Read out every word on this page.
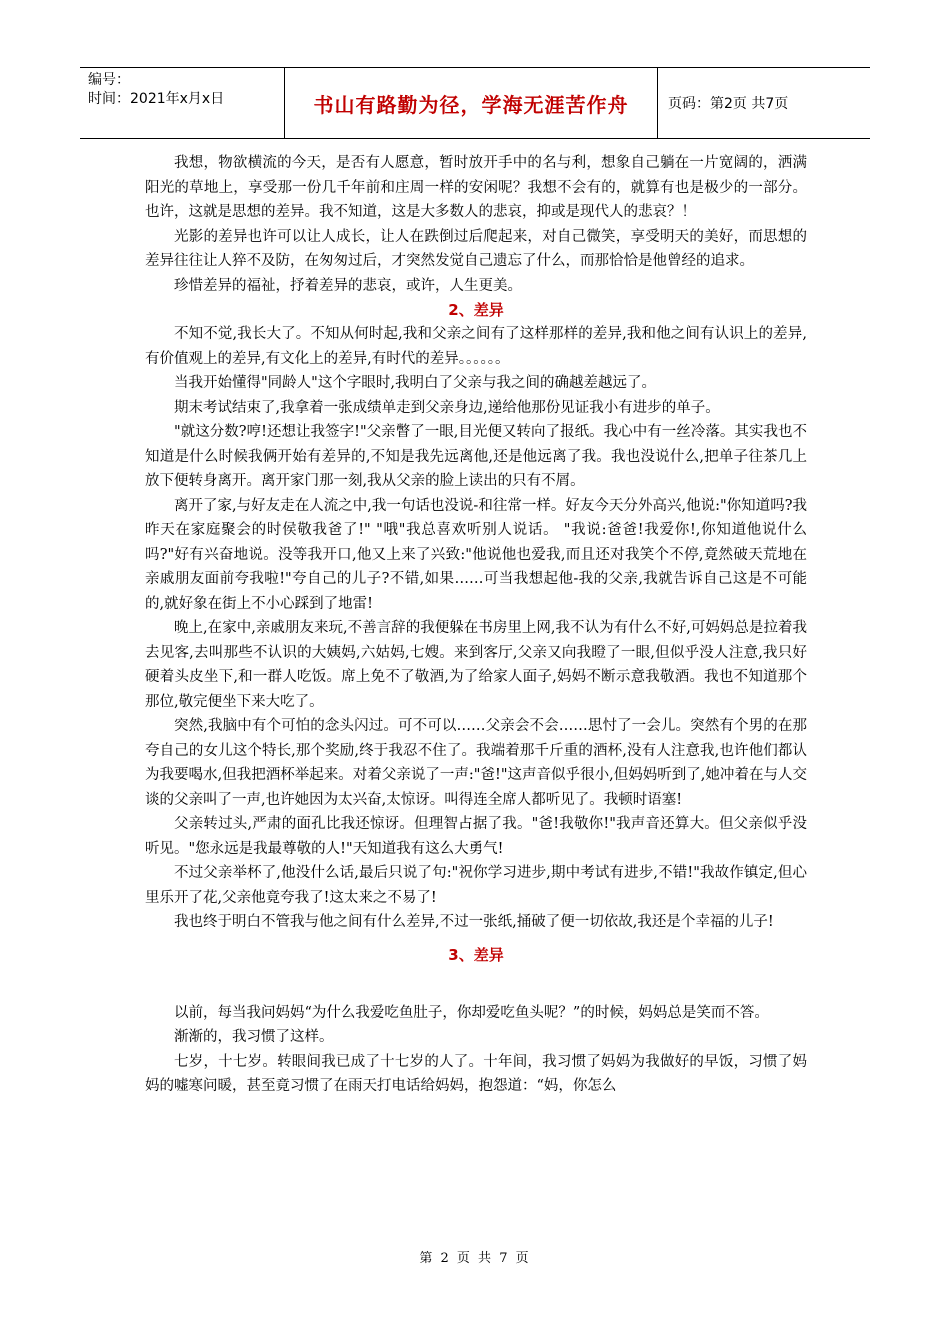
编号：
时间：2021年x月x日	书山有路勤为径，学海无涯苦作舟	页码：第2页 共7页

我想，物欲横流的今天，是否有人愿意，暂时放开手中的名与利，想象自己躺在一片宽阔的，洒满阳光的草地上，享受那一份几千年前和庄周一样的安闲呢？我想不会有的，就算有也是极少的一部分。也许，这就是思想的差异。我不知道，这是大多数人的悲哀，抑或是现代人的悲哀？！

光影的差异也许可以让人成长，让人在跌倒过后爬起来，对自己微笑，享受明天的美好，而思想的差异往往让人猝不及防，在匆匆过后，才突然发觉自己遗忘了什么，而那恰恰是他曾经的追求。

珍惜差异的福祉，抒着差异的悲哀，或许，人生更美。

2、差异

不知不觉,我长大了。不知从何时起,我和父亲之间有了这样那样的差异,我和他之间有认识上的差异,有价值观上的差异,有文化上的差异,有时代的差异。。。。。。

当我开始懂得"同龄人"这个字眼时,我明白了父亲与我之间的确越差越远了。

期末考试结束了,我拿着一张成绩单走到父亲身边,递给他那份见证我小有进步的单子。

"就这分数?哼!还想让我签字!"父亲瞥了一眼,目光便又转向了报纸。我心中有一丝冷落。其实我也不知道是什么时候我俩开始有差异的,不知是我先远离他,还是他远离了我。我也没说什么,把单子往茶几上放下便转身离开。离开家门那一刻,我从父亲的脸上读出的只有不屑。

离开了家,与好友走在人流之中,我一句话也没说-和往常一样。好友今天分外高兴,他说:"你知道吗?我昨天在家庭聚会的时侯敬我爸了!" "哦"我总喜欢听别人说话。 "我说:爸爸!我爱你!,你知道他说什么吗?"好有兴奋地说。没等我开口,他又上来了兴致:"他说他也爱我,而且还对我笑个不停,竟然破天荒地在亲戚朋友面前夸我啦!"夸自己的儿子?不错,如果……可当我想起他-我的父亲,我就告诉自己这是不可能的,就好象在街上不小心踩到了地雷!

晚上,在家中,亲戚朋友来玩,不善言辞的我便躲在书房里上网,我不认为有什么不好,可妈妈总是拉着我去见客,去叫那些不认识的大姨妈,六姑妈,七嫂。来到客厅,父亲又向我瞪了一眼,但似乎没人注意,我只好硬着头皮坐下,和一群人吃饭。席上免不了敬酒,为了给家人面子,妈妈不断示意我敬酒。我也不知道那个那位,敬完便坐下来大吃了。

突然,我脑中有个可怕的念头闪过。可不可以……父亲会不会……思忖了一会儿。突然有个男的在那夸自己的女儿这个特长,那个奖励,终于我忍不住了。我端着那千斤重的酒杯,没有人注意我,也许他们都认为我要喝水,但我把酒杯举起来。对着父亲说了一声:"爸!"这声音似乎很小,但妈妈听到了,她冲着在与人交谈的父亲叫了一声,也许她因为太兴奋,太惊讶。叫得连全席人都听见了。我顿时语塞!

父亲转过头,严肃的面孔比我还惊讶。但理智占据了我。"爸!我敬你!"我声音还算大。但父亲似乎没听见。"您永远是我最尊敬的人!"天知道我有这么大勇气!

不过父亲举杯了,他没什么话,最后只说了句:"祝你学习进步,期中考试有进步,不错!"我故作镇定,但心里乐开了花,父亲他竟夸我了!这太来之不易了!

我也终于明白不管我与他之间有什么差异,不过一张纸,捅破了便一切依故,我还是个幸福的儿子!

3、差异

以前，每当我问妈妈“为什么我爱吃鱼肚子，你却爱吃鱼头呢？”的时候，妈妈总是笑而不答。

渐渐的，我习惯了这样。

七岁，十七岁。转眼间我已成了十七岁的人了。十年间，我习惯了妈妈为我做好的早饭，习惯了妈妈的嘘寒问暖，甚至竟习惯了在雨天打电话给妈妈，抱怨道：“妈，你怎么

第 2 页 共 7 页
